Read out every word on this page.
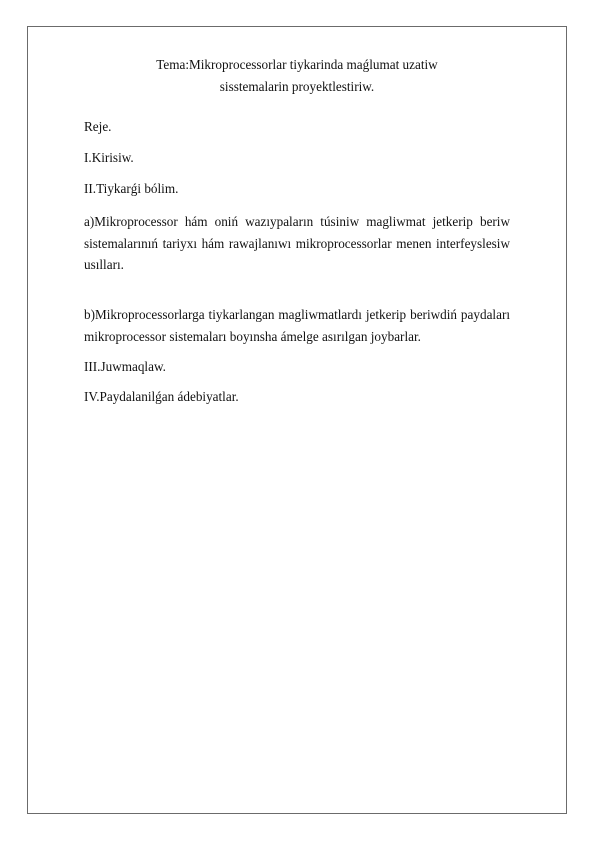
Tema:Mikroprocessorlar tiykarinda maǵlumat uzatiw sisstemalarin proyektlestiriw.

Reje.

I.Kirisiw.

II.Tiykarǵi bólim.

a)Mikroprocessor hám oniń wazıypaların túsiniw magliwmat jetkerip beriw sistemalarınıń tariyxı hám rawajlanıwı mikroprocessorlar menen interfeyslesiw usılları.

b)Mikroprocessorlarga tiykarlangan magliwmatlardı jetkerip beriwdiń paydaları mikroprocessor sistemaları boyınsha ámelge asırılgan joybarlar.

III.Juwmaqlaw.

IV.Paydalanilǵan ádebiyatlar.
